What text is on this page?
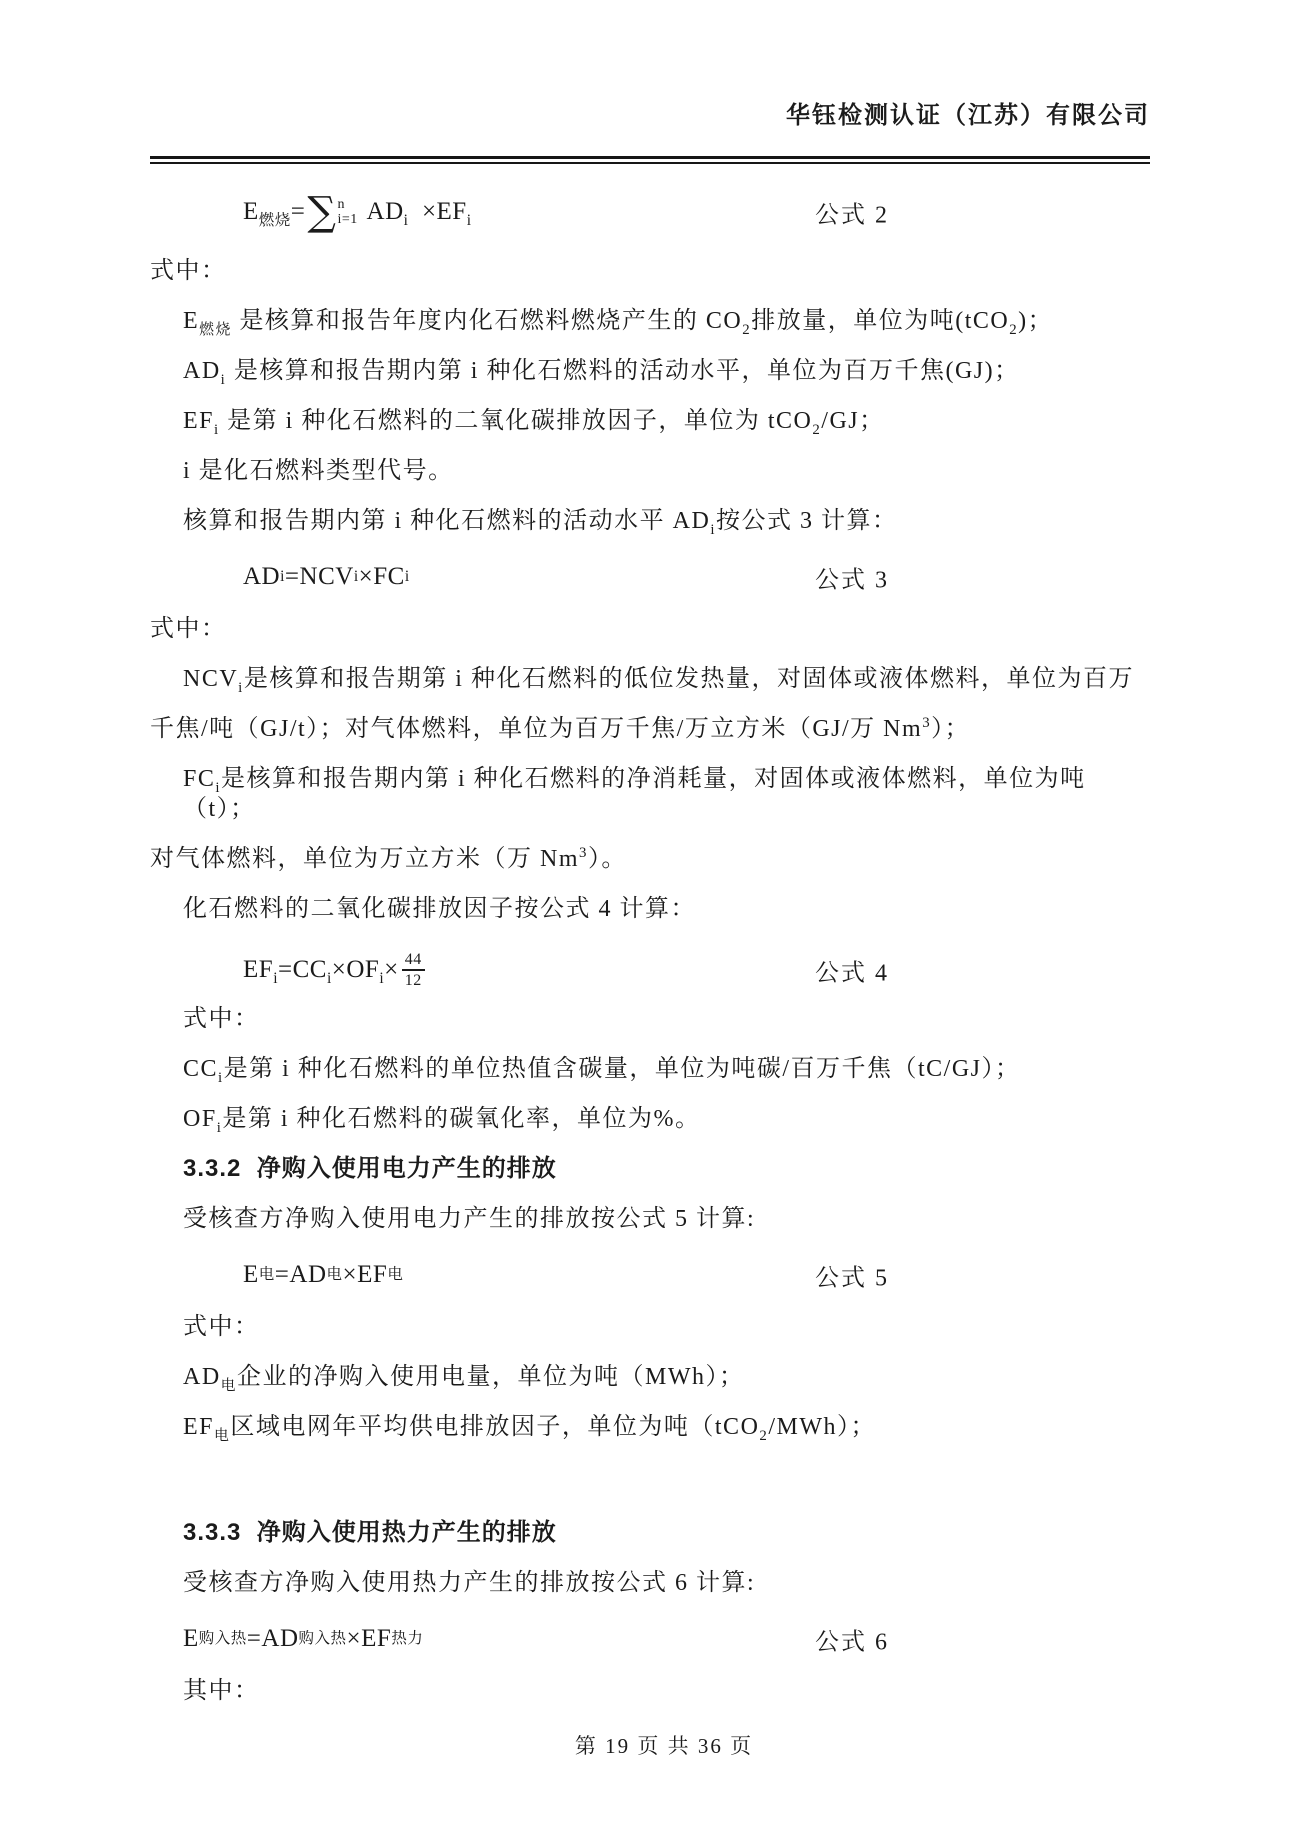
华钰检测认证（江苏）有限公司
$E_{燃烧}=$ ∑ n
i=1 $AD_i \times EF_i$	公式 2
式中：
$E_{燃烧}$ 是核算和报告年度内化石燃料燃烧产生的 $CO_2$排放量，单位为吨(tCO$_2$)；
$AD_i$ 是核算和报告期内第 i 种化石燃料的活动水平，单位为百万千焦(GJ)；
$EF_i$ 是第 i 种化石燃料的二氧化碳排放因子，单位为 tCO$_2$/GJ；
i 是化石燃料类型代号。
核算和报告期内第 i 种化石燃料的活动水平 $AD_i$按公式 3 计算：
AD i =NCV i ×FC i	公式 3
式中：
$NCV_i$是核算和报告期第 i 种化石燃料的低位发热量，对固体或液体燃料，单位为百万
千焦/吨（GJ/t）；对气体燃料，单位为百万千焦/万立方米（GJ/万 Nm$^3$）；
$FC_i$是核算和报告期内第 i 种化石燃料的净消耗量，对固体或液体燃料，单位为吨（t）；
对气体燃料，单位为万立方米（万 Nm$^3$）。
化石燃料的二氧化碳排放因子按公式 4 计算：
$EF_i=CC_i\times OF_i\times \frac{44}{12}$	公式 4
式中：
$CC_i$是第 i 种化石燃料的单位热值含碳量，单位为吨碳/百万千焦（tC/GJ）；
$OF_i$是第 i 种化石燃料的碳氧化率，单位为%。
3.3.2  净购入使用电力产生的排放
受核查方净购入使用电力产生的排放按公式 5 计算:
E 电 =AD 电 ×EF 电	公式 5
式中：
$AD_电$企业的净购入使用电量，单位为吨（MWh）；
$EF_电$区域电网年平均供电排放因子，单位为吨（tCO$_2$/MWh）；
3.3.3  净购入使用热力产生的排放
受核查方净购入使用热力产生的排放按公式 6 计算:
E 购入热 =AD 购入热 ×EF 热力	公式 6
其中：

第 19 页 共 36 页
